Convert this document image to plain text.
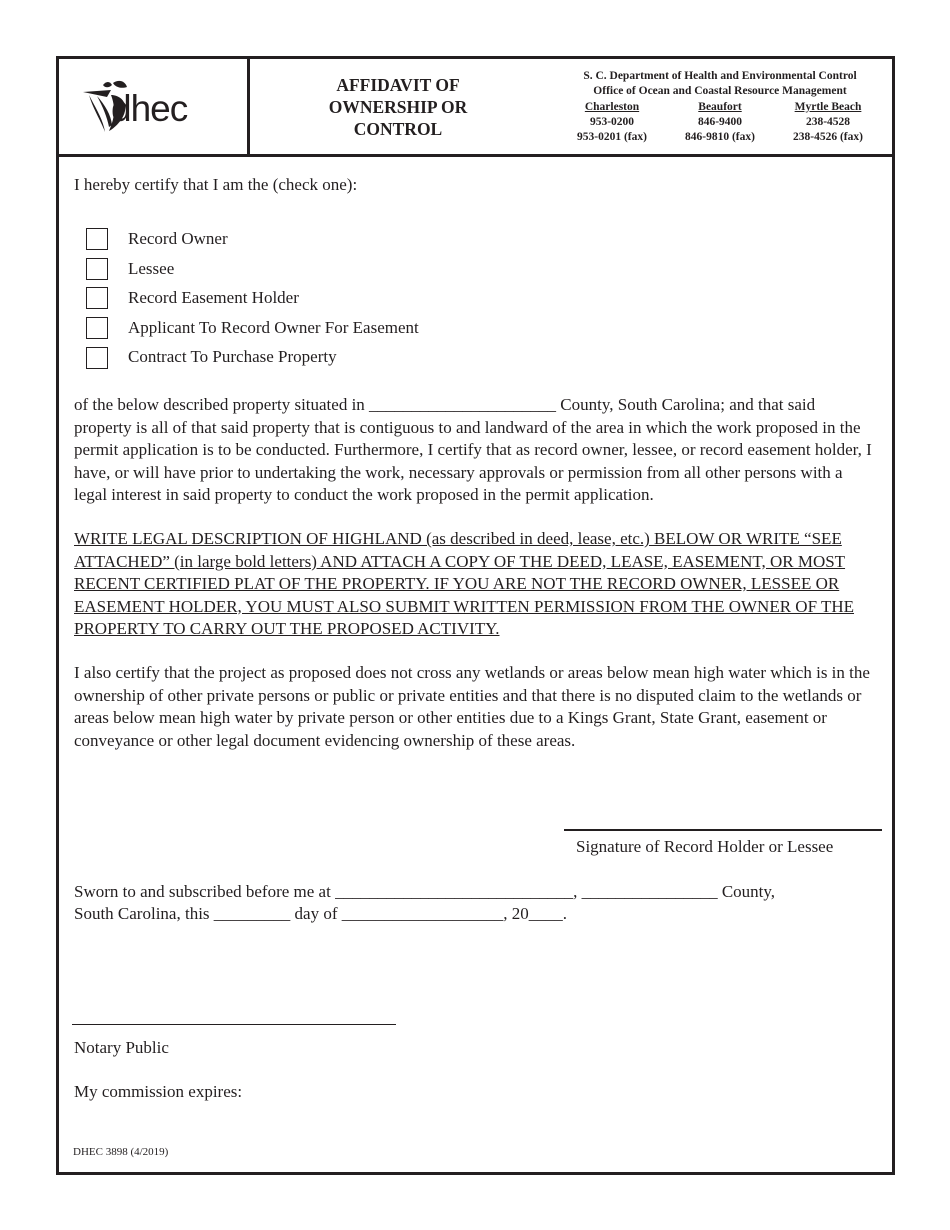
dhec
AFFIDAVIT OF
OWNERSHIP OR
CONTROL
S. C. Department of Health and Environmental Control
Office of Ocean and Coastal Resource Management
Charleston
953-0200
953-0201 (fax)
Beaufort
846-9400
846-9810 (fax)
Myrtle Beach
238-4528
238-4526 (fax)

I hereby certify that I am the (check one):

Record Owner
Lessee
Record Easement Holder
Applicant To Record Owner For Easement
Contract To Purchase Property

of the below described property situated in ______________________ County, South Carolina; and that said property is all of that said property that is contiguous to and landward of the area in which the work proposed in the permit application is to be conducted. Furthermore, I certify that as record owner, lessee, or record easement holder, I have, or will have prior to undertaking the work, necessary approvals or permission from all other persons with a legal interest in said property to conduct the work proposed in the permit application.

WRITE LEGAL DESCRIPTION OF HIGHLAND (as described in deed, lease, etc.) BELOW OR WRITE “SEE ATTACHED” (in large bold letters) AND ATTACH A COPY OF THE DEED, LEASE, EASEMENT, OR MOST RECENT CERTIFIED PLAT OF THE PROPERTY. IF YOU ARE NOT THE RECORD OWNER, LESSEE OR EASEMENT HOLDER, YOU MUST ALSO SUBMIT WRITTEN PERMISSION FROM THE OWNER OF THE PROPERTY TO CARRY OUT THE PROPOSED ACTIVITY.

I also certify that the project as proposed does not cross any wetlands or areas below mean high water which is in the ownership of other private persons or public or private entities and that there is no disputed claim to the wetlands or areas below mean high water by private person or other entities due to a Kings Grant, State Grant, easement or conveyance or other legal document evidencing ownership of these areas.

Signature of Record Holder or Lessee
Sworn to and subscribed before me at ____________________________, ________________ County,
South Carolina, this _________ day of ___________________, 20____.
Notary Public
My commission expires:
DHEC 3898 (4/2019)
